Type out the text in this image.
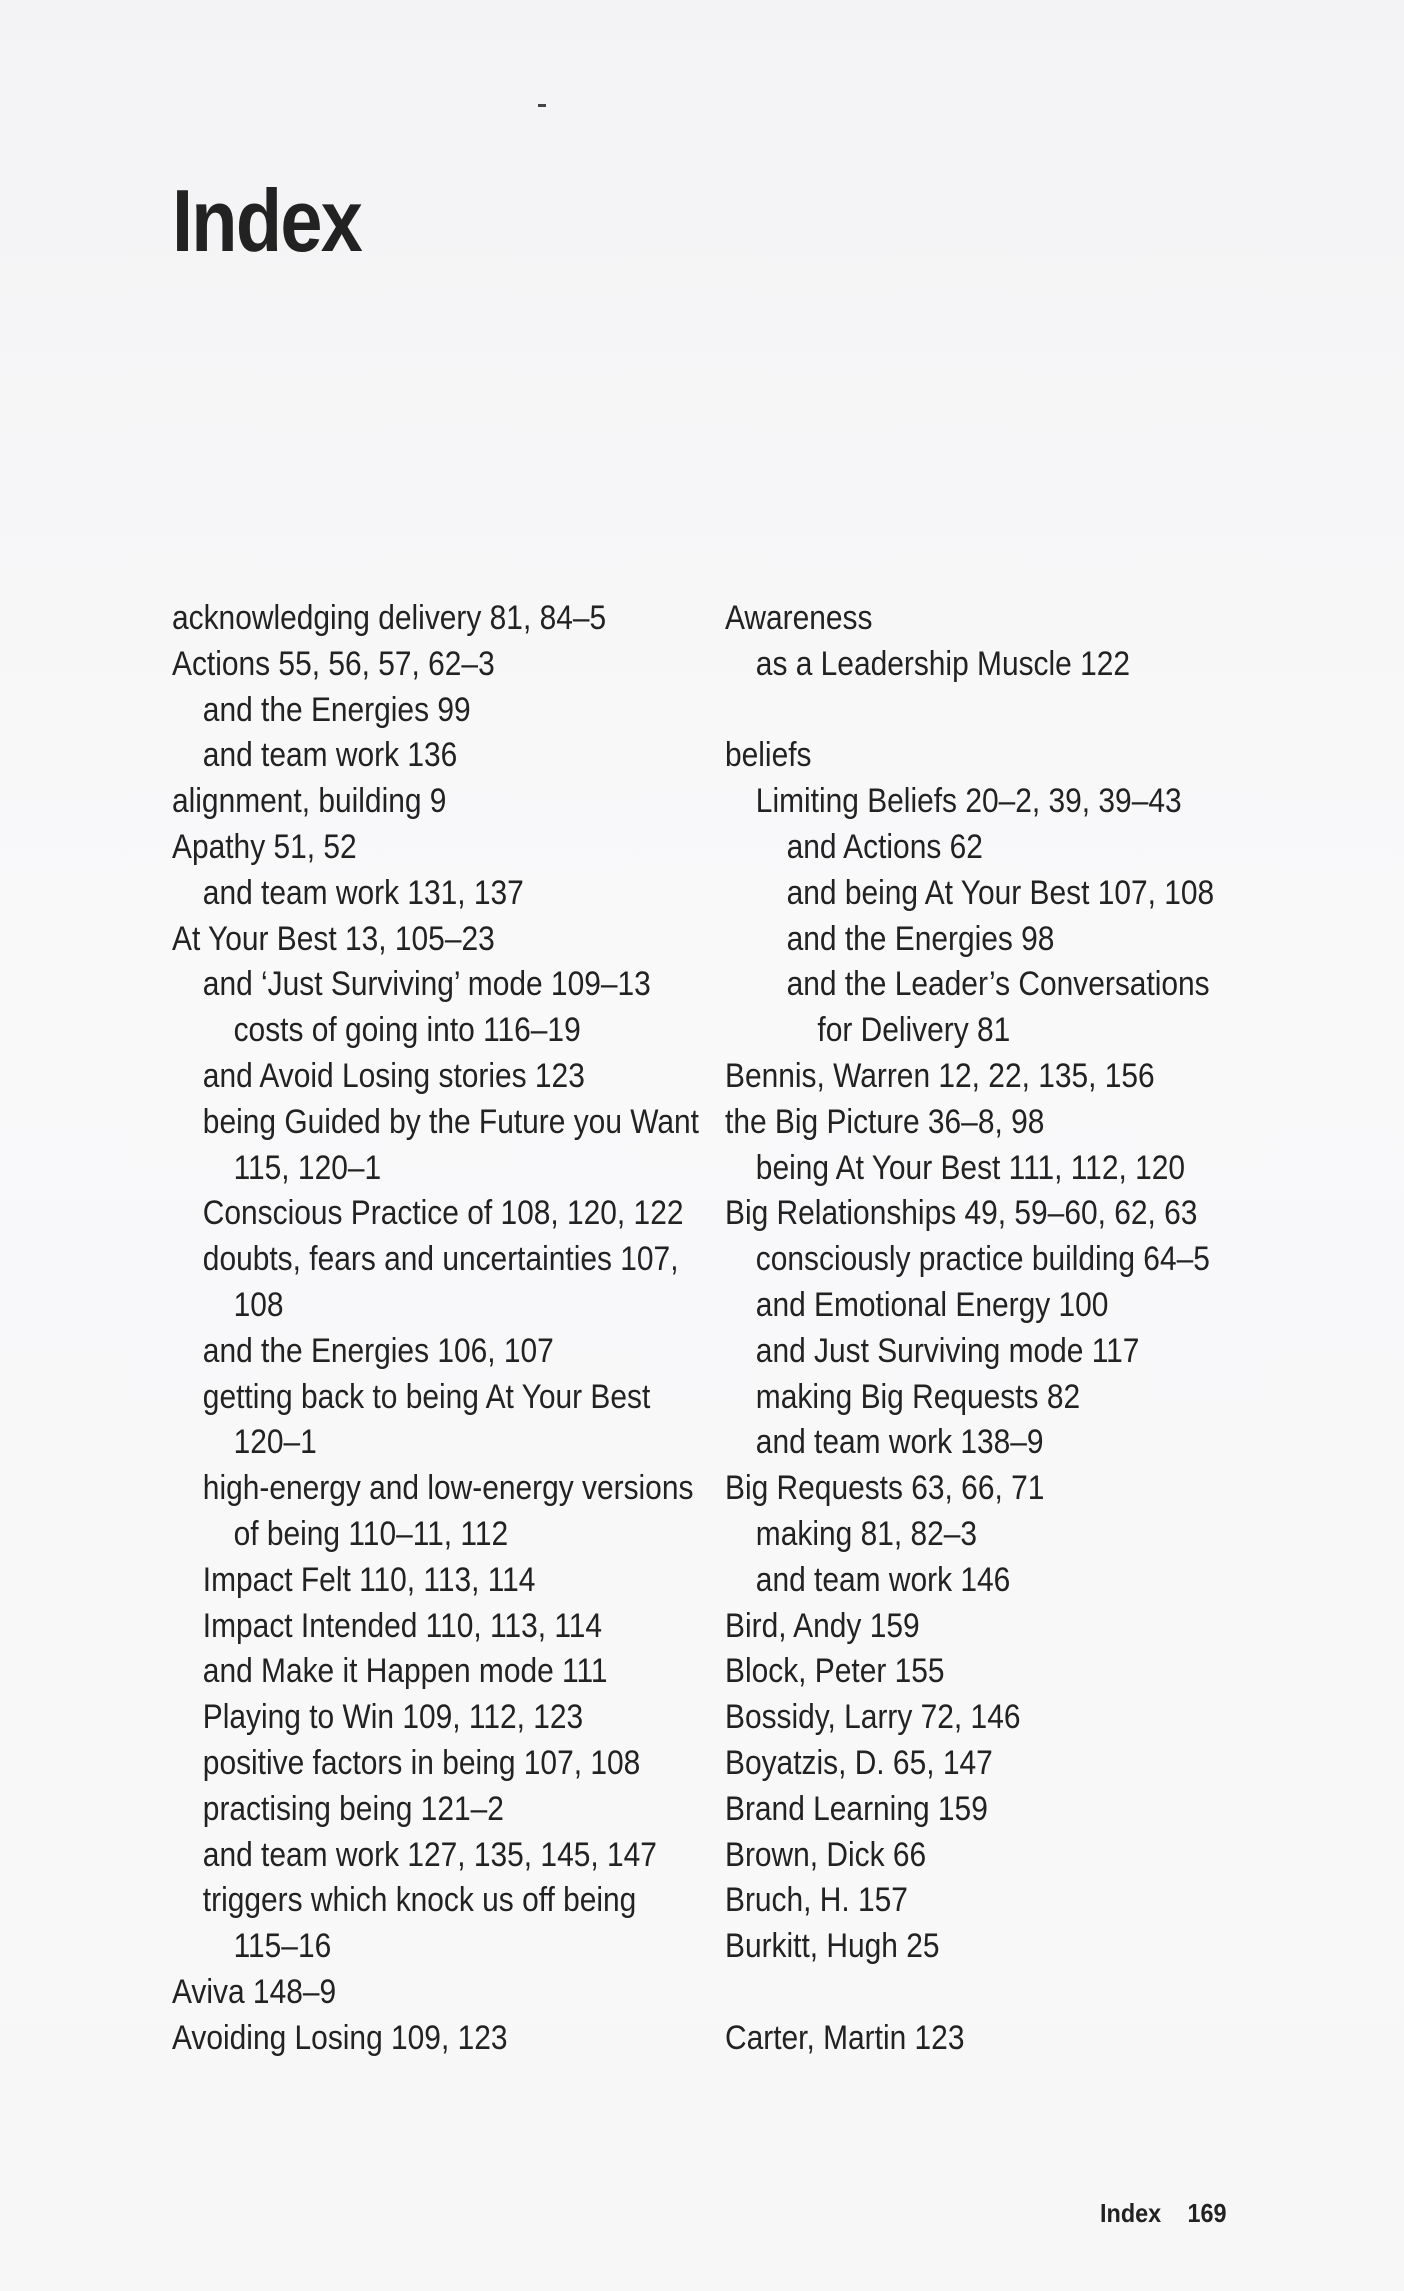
Index
acknowledging delivery 81, 84–5
Actions 55, 56, 57, 62–3
and the Energies 99
and team work 136
alignment, building 9
Apathy 51, 52
and team work 131, 137
At Your Best 13, 105–23
and ‘Just Surviving’ mode 109–13
costs of going into 116–19
and Avoid Losing stories 123
being Guided by the Future you Want
115, 120–1
Conscious Practice of 108, 120, 122
doubts, fears and uncertainties 107,
108
and the Energies 106, 107
getting back to being At Your Best
120–1
high-energy and low-energy versions
of being 110–11, 112
Impact Felt 110, 113, 114
Impact Intended 110, 113, 114
and Make it Happen mode 111
Playing to Win 109, 112, 123
positive factors in being 107, 108
practising being 121–2
and team work 127, 135, 145, 147
triggers which knock us off being
115–16
Aviva 148–9
Avoiding Losing 109, 123
Awareness
as a Leadership Muscle 122
beliefs
Limiting Beliefs 20–2, 39, 39–43
and Actions 62
and being At Your Best 107, 108
and the Energies 98
and the Leader’s Conversations
for Delivery 81
Bennis, Warren 12, 22, 135, 156
the Big Picture 36–8, 98
being At Your Best 111, 112, 120
Big Relationships 49, 59–60, 62, 63
consciously practice building 64–5
and Emotional Energy 100
and Just Surviving mode 117
making Big Requests 82
and team work 138–9
Big Requests 63, 66, 71
making 81, 82–3
and team work 146
Bird, Andy 159
Block, Peter 155
Bossidy, Larry 72, 146
Boyatzis, D. 65, 147
Brand Learning 159
Brown, Dick 66
Bruch, H. 157
Burkitt, Hugh 25
Carter, Martin 123
Index 169
